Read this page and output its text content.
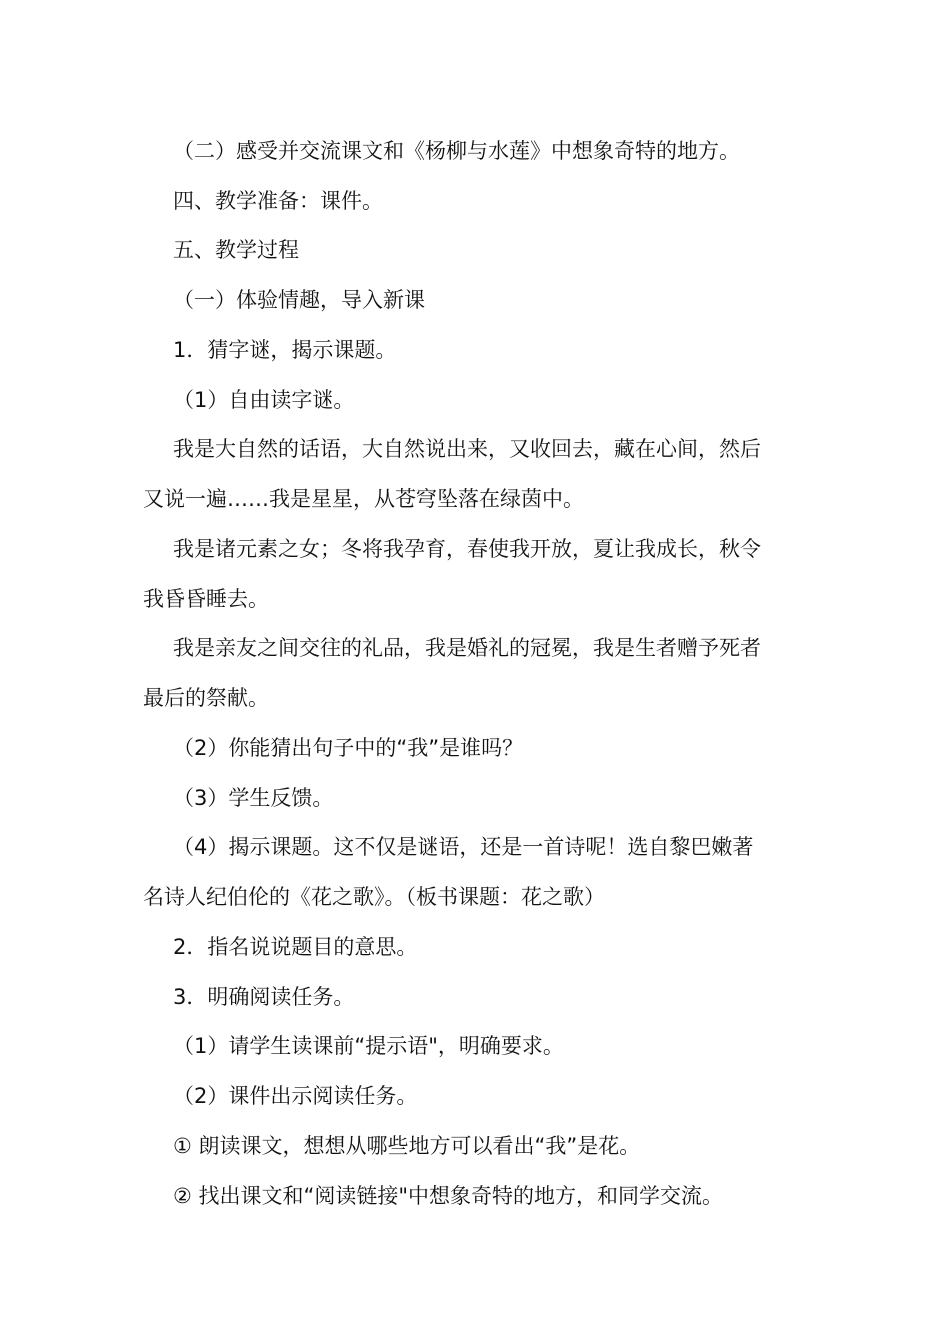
（二）感受并交流课文和《杨柳与水莲》中想象奇特的地方。
四、教学准备：课件。
五、教学过程
（一）体验情趣，导入新课
1．猜字谜，揭示课题。
（1）自由读字谜。
我是大自然的话语，大自然说出来，又收回去，藏在心间，然后
又说一遍……我是星星，从苍穹坠落在绿茵中。
我是诸元素之女；冬将我孕育，春使我开放，夏让我成长，秋令
我昏昏睡去。
我是亲友之间交往的礼品，我是婚礼的冠冕，我是生者赠予死者
最后的祭献。
（2）你能猜出句子中的“我”是谁吗？
（3）学生反馈。
（4）揭示课题。这不仅是谜语，还是一首诗呢！选自黎巴嫩著
名诗人纪伯伦的《花之歌》。（板书课题：花之歌）
2．指名说说题目的意思。
3．明确阅读任务。
（1）请学生读课前“提示语"，明确要求。
（2）课件出示阅读任务。
① 朗读课文，想想从哪些地方可以看出“我”是花。
② 找出课文和“阅读链接"中想象奇特的地方，和同学交流。
